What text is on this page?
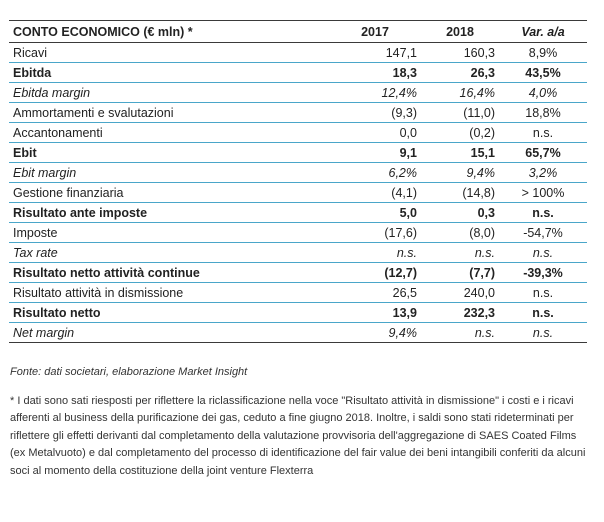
CONTO ECONOMICO (€ mln) *	2017	2018	Var. a/a
Ricavi	147,1	160,3	8,9%
Ebitda	18,3	26,3	43,5%
Ebitda margin	12,4%	16,4%	4,0%
Ammortamenti e svalutazioni	(9,3)	(11,0)	18,8%
Accantonamenti	0,0	(0,2)	n.s.
Ebit	9,1	15,1	65,7%
Ebit margin	6,2%	9,4%	3,2%
Gestione finanziaria	(4,1)	(14,8)	> 100%
Risultato ante imposte	5,0	0,3	n.s.
Imposte	(17,6)	(8,0)	-54,7%
Tax rate	n.s.	n.s.	n.s.
Risultato netto attività continue	(12,7)	(7,7)	-39,3%
Risultato attività in dismissione	26,5	240,0	n.s.
Risultato netto	13,9	232,3	n.s.
Net margin	9,4%	n.s.	n.s.
Fonte: dati societari, elaborazione Market Insight
* I dati sono sati riesposti per riflettere la riclassificazione nella voce "Risultato attività in dismissione" i costi e i ricavi afferenti al business della purificazione dei gas, ceduto a fine giugno 2018. Inoltre, i saldi sono stati rideterminati per riflettere gli effetti derivanti dal completamento della valutazione provvisoria dell'aggregazione di SAES Coated Films (ex Metalvuoto) e dal completamento del processo di identificazione del fair value dei beni intangibili conferiti da alcuni soci al momento della costituzione della joint venture Flexterra
